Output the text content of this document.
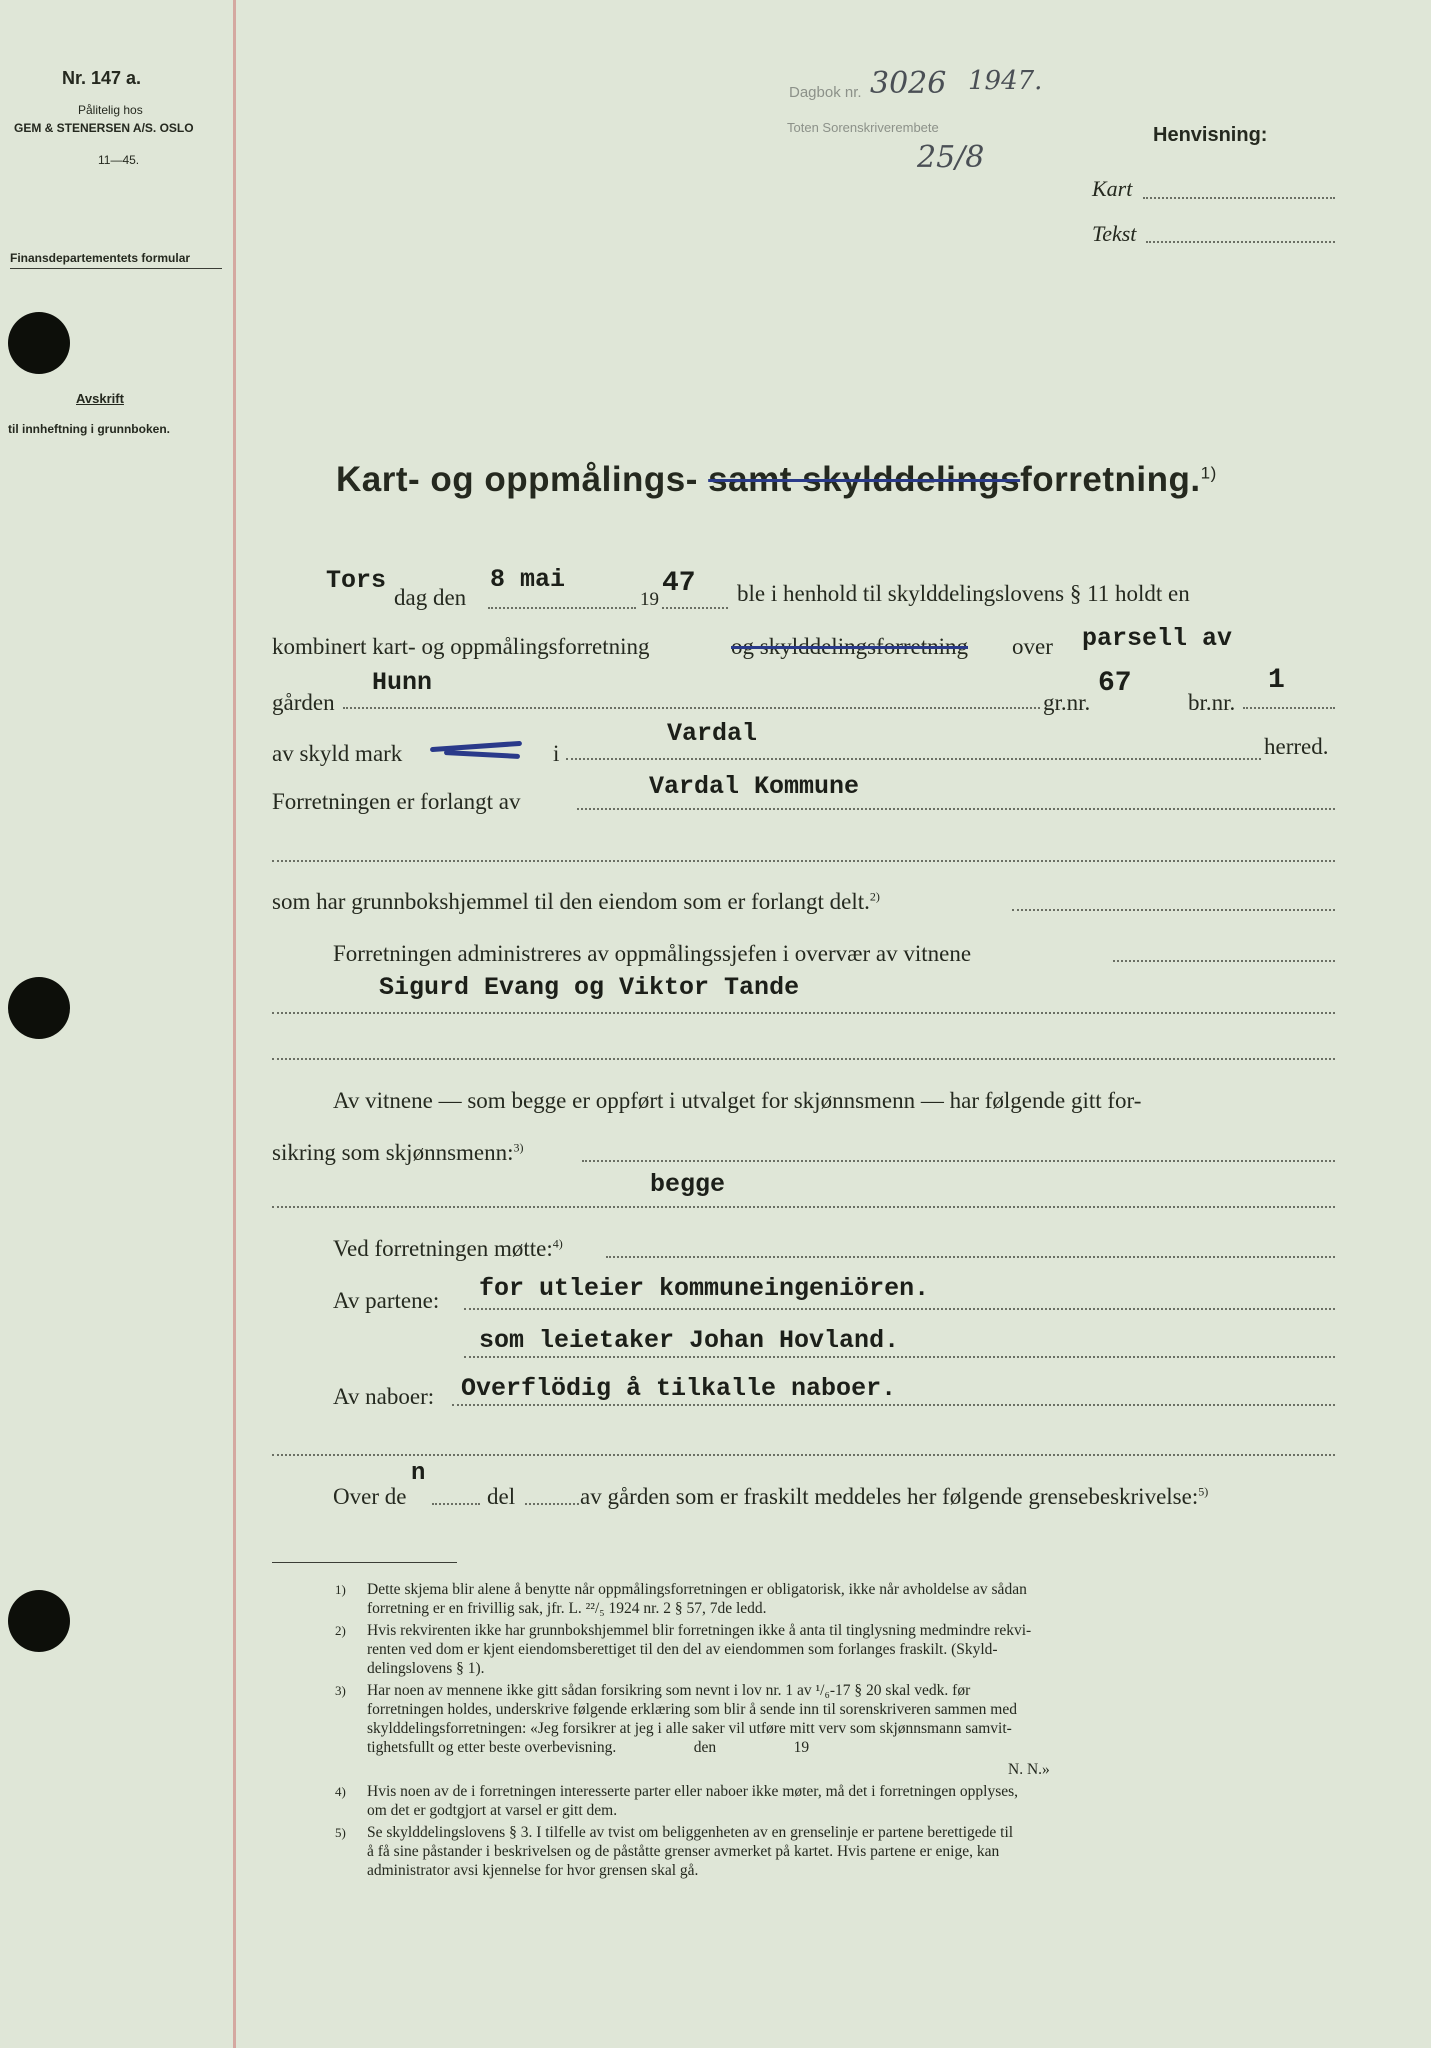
Nr. 147 a.
Pålitelig hos
GEM & STENERSEN A/S. OSLO
11—45.
Finansdepartementets formular
Avskrift
til innheftning i grunnboken.
Dagbok nr.
Toten Sorenskriverembete
3026 1947.
25/8
Henvisning:
Kart
Tekst
Kart- og oppmålings- samt skylddelingsforretning.$^{1)}$
Tors
dag den
8 mai
19
47 ble i henhold til skylddelingslovens § 11 holdt en
kombinert kart- og oppmålingsforretning	og skylddelingsforretning over parsell av
gården
Hunn
gr.nr.
67
br.nr.
1
av skyld mark	i
Vardal	herred.
Forretningen er forlangt av
Vardal Kommune
som har grunnbokshjemmel til den eiendom som er forlangt delt.$^{2)}$
Forretningen administreres av oppmålingssjefen i overvær av vitnene
Sigurd Evang og Viktor Tande
Av vitnene — som begge er oppført i utvalget for skjønnsmenn — har følgende gitt for-
sikring som skjønnsmenn:$^{3)}$
begge
Ved forretningen møtte:$^{4)}$
Av partene: for utleier kommuneingeniören.
som leietaker Johan Hovland.
Av naboer: Overflödig å tilkalle naboer.
n
Over de	del	av gården som er fraskilt meddeles her følgende grensebeskrivelse:$^{5)}$
1) Dette skjema blir alene å benytte når oppmålingsforretningen er obligatorisk, ikke når avholdelse av sådan
forretning er en frivillig sak, jfr. L. ²²/₅ 1924 nr. 2 § 57, 7de ledd.
2) Hvis rekvirenten ikke har grunnbokshjemmel blir forretningen ikke å anta til tinglysning medmindre rekvi-
renten ved dom er kjent eiendomsberettiget til den del av eiendommen som forlanges fraskilt. (Skyld-
delingslovens § 1).
3) Har noen av mennene ikke gitt sådan forsikring som nevnt i lov nr. 1 av ¹/₆-17 § 20 skal vedk. før
forretningen holdes, underskrive følgende erklæring som blir å sende inn til sorenskriveren sammen med
skylddelingsforretningen: «Jeg forsikrer at jeg i alle saker vil utføre mitt verv som skjønnsmann samvit-
tighetsfullt og etter beste overbevisning.                    den                    19
N. N.»
4) Hvis noen av de i forretningen interesserte parter eller naboer ikke møter, må det i forretningen opplyses,
om det er godtgjort at varsel er gitt dem.
5) Se skylddelingslovens § 3. I tilfelle av tvist om beliggenheten av en grenselinje er partene berettigede til
å få sine påstander i beskrivelsen og de påståtte grenser avmerket på kartet. Hvis partene er enige, kan
administrator avsi kjennelse for hvor grensen skal gå.
